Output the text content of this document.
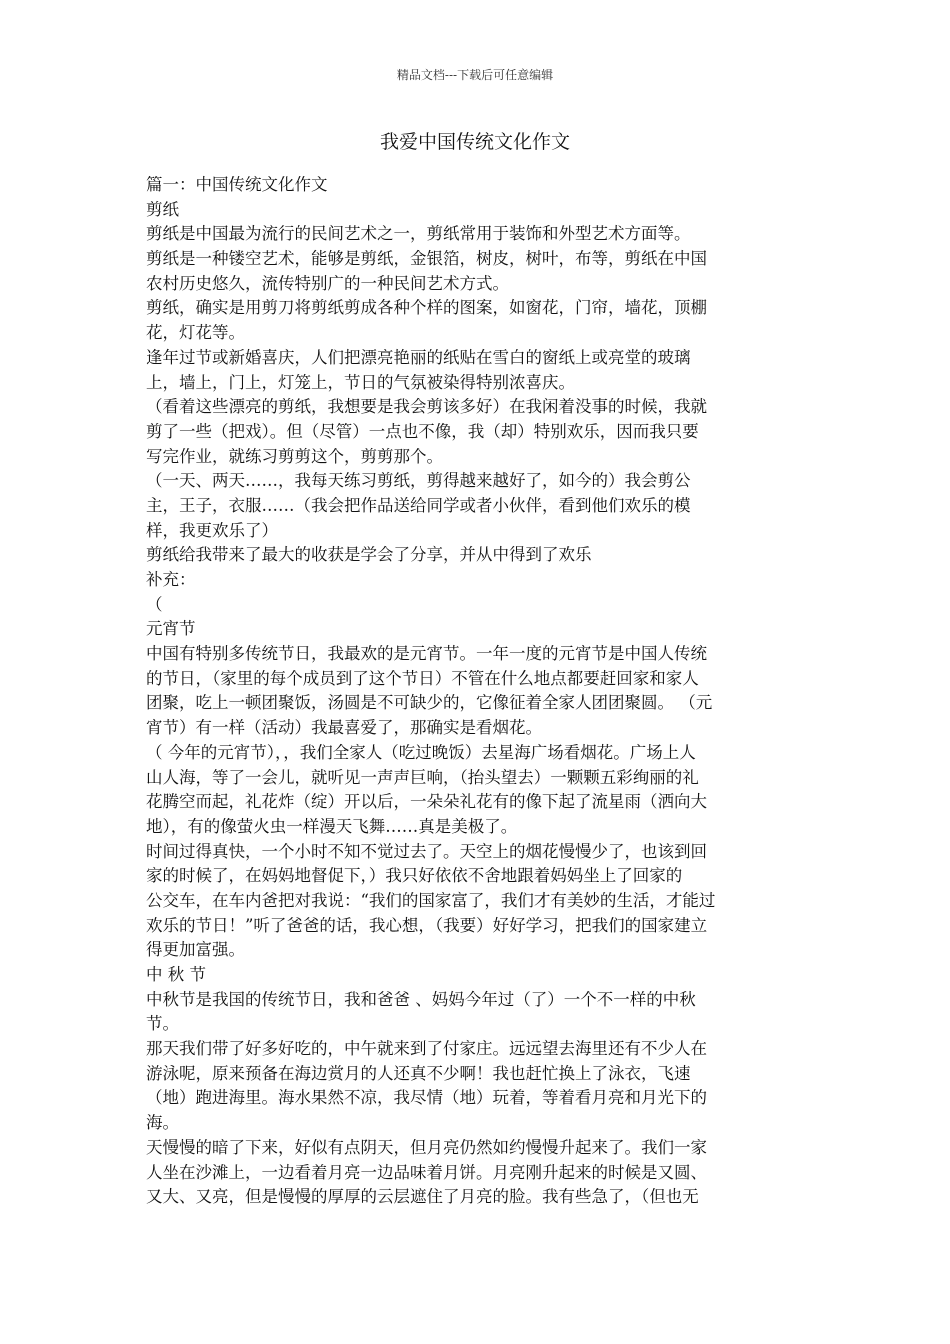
精品文档---下载后可任意编辑
我爱中国传统文化作文
篇一：中国传统文化作文
剪纸
剪纸是中国最为流行的民间艺术之一，剪纸常用于装饰和外型艺术方面等。
剪纸是一种镂空艺术，能够是剪纸，金银箔，树皮，树叶，布等，剪纸在中国
农村历史悠久，流传特别广的一种民间艺术方式。
剪纸，确实是用剪刀将剪纸剪成各种个样的图案，如窗花，门帘，墙花，顶棚
花，灯花等。
逢年过节或新婚喜庆，人们把漂亮艳丽的纸贴在雪白的窗纸上或亮堂的玻璃
上，墙上，门上，灯笼上，节日的气氛被染得特别浓喜庆。
（看着这些漂亮的剪纸，我想要是我会剪该多好）在我闲着没事的时候，我就
剪了一些（把戏）。但（尽管）一点也不像，我（却）特别欢乐，因而我只要
写完作业，就练习剪剪这个，剪剪那个。
（一天、两天……，我每天练习剪纸，剪得越来越好了，如今的）我会剪公
主，王子，衣服……（我会把作品送给同学或者小伙伴，看到他们欢乐的模
样，我更欢乐了）
剪纸给我带来了最大的收获是学会了分享，并从中得到了欢乐
补充：
（
元宵节
中国有特别多传统节日，我最欢的是元宵节。一年一度的元宵节是中国人传统
的节日，（家里的每个成员到了这个节日）不管在什么地点都要赶回家和家人
团聚，吃上一顿团聚饭，汤圆是不可缺少的，它像征着全家人团团聚圆。 （元
宵节）有一样（活动）我最喜爱了，那确实是看烟花。
（ 今年的元宵节），，我们全家人（吃过晚饭）去星海广场看烟花。广场上人
山人海，等了一会儿，就听见一声声巨响，（抬头望去）一颗颗五彩绚丽的礼
花腾空而起，礼花炸（绽）开以后，一朵朵礼花有的像下起了流星雨（洒向大
地），有的像萤火虫一样漫天飞舞……真是美极了。
时间过得真快，一个小时不知不觉过去了。天空上的烟花慢慢少了，也该到回
家的时候了，在妈妈地督促下，）我只好依依不舍地跟着妈妈坐上了回家的
公交车，在车内爸把对我说：“我们的国家富了，我们才有美妙的生活，才能过
欢乐的节日！”听了爸爸的话，我心想，（我要）好好学习，把我们的国家建立
得更加富强。
中 秋 节
中秋节是我国的传统节日，我和爸爸 、妈妈今年过（了）一个不一样的中秋
节。
那天我们带了好多好吃的，中午就来到了付家庄。远远望去海里还有不少人在
游泳呢，原来预备在海边赏月的人还真不少啊！我也赶忙换上了泳衣，飞速
（地）跑进海里。海水果然不凉，我尽情（地）玩着，等着看月亮和月光下的
海。
天慢慢的暗了下来，好似有点阴天，但月亮仍然如约慢慢升起来了。我们一家
人坐在沙滩上，一边看着月亮一边品味着月饼。月亮刚升起来的时候是又圆、
又大、又亮，但是慢慢的厚厚的云层遮住了月亮的脸。我有些急了，（但也无
